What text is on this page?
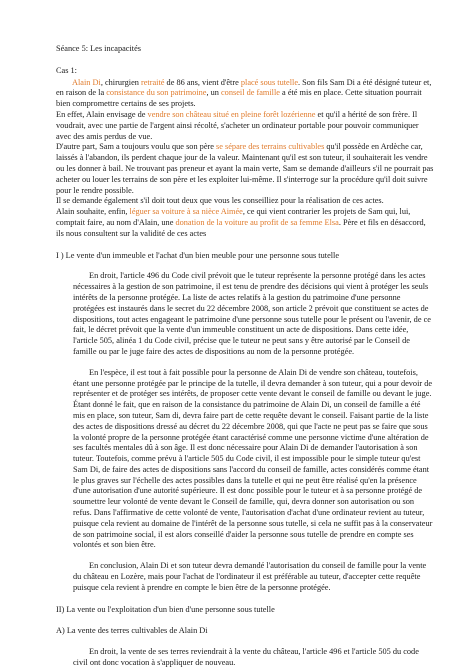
Séance 5: Les incapacités

Cas 1:

Alain Di, chirurgien retraité de 86 ans, vient d'être placé sous tutelle. Son fils Sam Di a été désigné tuteur et, en raison de la consistance du son patrimoine, un conseil de famille a été mis en place. Cette situation pourrait bien compromettre certains de ses projets.
En effet, Alain envisage de vendre son château situé en pleine forêt lozérienne et qu'il a hérité de son frère. Il voudrait, avec une partie de l'argent ainsi récolté, s'acheter un ordinateur portable pour pouvoir communiquer avec des amis perdus de vue.
D'autre part, Sam a toujours voulu que son père se sépare des terrains cultivables qu'il possède en Ardèche car, laissés à l'abandon, ils perdent chaque jour de la valeur. Maintenant qu'il est son tuteur, il souhaiterait les vendre ou les donner à bail. Ne trouvant pas preneur et ayant la main verte, Sam se demande d'ailleurs s'il ne pourrait pas acheter ou louer les terrains de son père et les exploiter lui-même. Il s'interroge sur la procédure qu'il doit suivre pour le rendre possible.
Il se demande également s'il doit tout deux que vous les conseilliez pour la réalisation de ces actes.
Alain souhaite, enfin, léguer sa voiture à sa nièce Aimée, ce qui vient contrarier les projets de Sam qui, lui, comptait faire, au nom d'Alain, une donation de la voiture au profit de sa femme Elsa. Père et fils en désaccord, ils nous consultent sur la validité de ces actes

I ) Le vente d'un immeuble et l'achat d'un bien meuble pour une personne sous tutelle

En droit, l'article 496 du Code civil prévoit que le tuteur représente la personne protégé dans les actes nécessaires à la gestion de son patrimoine, il est tenu de prendre des décisions qui vient à protéger les seuls intérêts de la personne protégée. La liste de actes relatifs à la gestion du patrimoine d'une personne protégées est instaurés dans le secret du 22 décembre 2008, son article 2 prévoit que constituent se actes de dispositions, tout actes engageant le patrimoine d'une personne sous tutelle pour le présent ou l'avenir, de ce fait, le décret prévoit que la vente d'un immeuble constituent un acte de dispositions. Dans cette idée, l'article 505, alinéa 1 du Code civil, précise que le tuteur ne peut sans y être autorisé par le Conseil de famille ou par le juge faire des actes de dispositions au nom de la personne protégée.

En l'espèce, il est tout à fait possible pour la personne de Alain Di de vendre son château, toutefois, étant une personne protégée par le principe de la tutelle, il devra demander à son tuteur, qui a pour devoir de représenter et de protéger ses intérêts, de proposer cette vente devant le conseil de famille ou devant le juge. Étant donné le fait, que en raison de la consistance du patrimoine de Alain Di, un conseil de famille a été mis en place, son tuteur, Sam di, devra faire part de cette requête devant le conseil. Faisant partie de la liste des actes de dispositions dressé au décret du 22 décembre 2008, qui que l'acte ne peut pas se faire que sous la volonté propre de la personne protégée étant caractérisé comme une personne victime d'une altération de ses facultés mentales dû à son âge. Il est donc nécessaire pour Alain Di de demander l'autorisation à son tuteur. Toutefois, comme prévu à l'article 505 du Code civil, il est impossible pour le simple tuteur qu'est Sam Di, de faire des actes de dispositions sans l'accord du conseil de famille, actes considérés comme étant le plus graves sur l'échelle des actes possibles dans la tutelle et qui ne peut être réalisé qu'en la présence d'une autorisation d'une autorité supérieure. Il est donc possible pour le tuteur et à sa personne protégé de soumettre leur volonté de vente devant le Conseil de famille, qui, devra donner son autorisation ou son refus. Dans l'affirmative de cette volonté de vente, l'autorisation d'achat d'une ordinateur revient au tuteur, puisque cela revient au domaine de l'intérêt de la personne sous tutelle, si cela ne suffit pas à la conservateur de son patrimoine social, il est alors conseillé d'aider la personne sous tutelle de prendre en compte ses volontés et son bien être.

En conclusion, Alain Di et son tuteur devra demandé l'autorisation du conseil de famille pour la vente du château en Lozère, mais pour l'achat de l'ordinateur il est préférable au tuteur, d'accepter cette requête puisque cela revient à prendre en compte le bien être de la personne protégée.

II) La vente ou l'exploitation d'un bien d'une personne sous tutelle

A) La vente des terres cultivables de Alain Di

En droit, la vente de ses terres reviendrait à la vente du château, l'article 496 et l'article 505 du code civil ont donc vocation à s'appliquer de nouveau.
